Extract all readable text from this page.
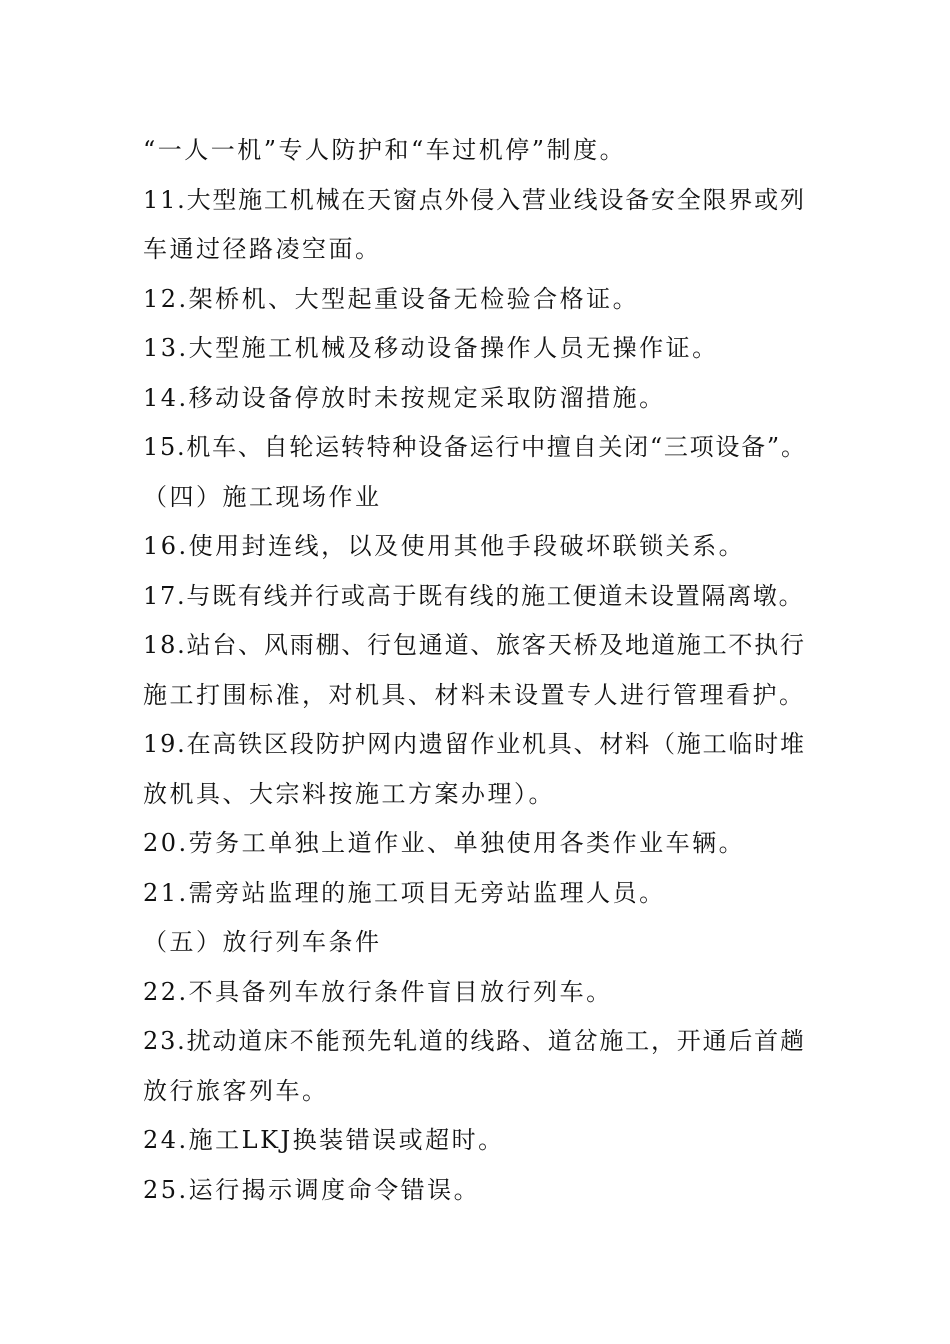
“一人一机”专人防护和“车过机停”制度。
11.大型施工机械在天窗点外侵入营业线设备安全限界或列
车通过径路凌空面。
12.架桥机、大型起重设备无检验合格证。
13.大型施工机械及移动设备操作人员无操作证。
14.移动设备停放时未按规定采取防溜措施。
15.机车、自轮运转特种设备运行中擅自关闭“三项设备”。
（四）施工现场作业
16.使用封连线，以及使用其他手段破坏联锁关系。
17.与既有线并行或高于既有线的施工便道未设置隔离墩。
18.站台、风雨棚、行包通道、旅客天桥及地道施工不执行
施工打围标准，对机具、材料未设置专人进行管理看护。
19.在高铁区段防护网内遗留作业机具、材料（施工临时堆
放机具、大宗料按施工方案办理）。
20.劳务工单独上道作业、单独使用各类作业车辆。
21.需旁站监理的施工项目无旁站监理人员。
（五）放行列车条件
22.不具备列车放行条件盲目放行列车。
23.扰动道床不能预先轧道的线路、道岔施工，开通后首趟
放行旅客列车。
24.施工LKJ换装错误或超时。
25.运行揭示调度命令错误。
